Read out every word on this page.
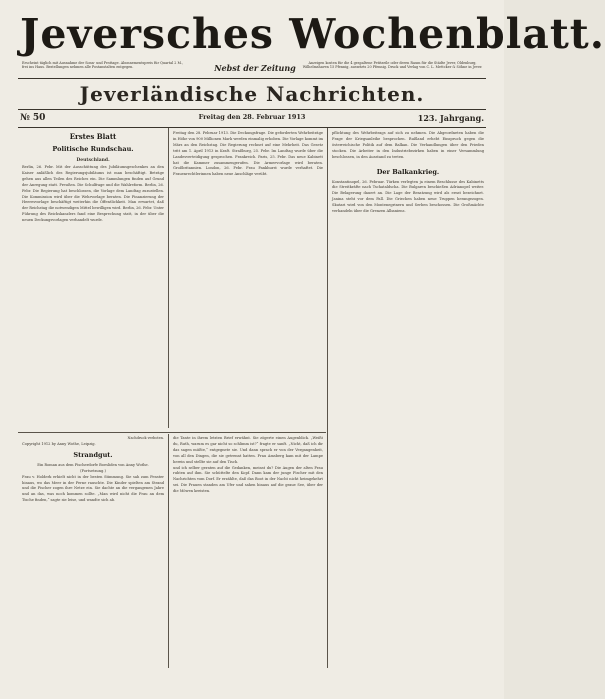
Jeversches Wochenblatt.
Erscheint täglich mit Ausnahme der Sonn- und Festtage. Abonnementspreis für Quartal 2 M., frei ins Haus. Bestellungen nehmen alle Postanstalten entgegen.	Nebst der Zeitung	Anzeigen kosten für die 4 gespaltene Petitzeile oder deren Raum für die Städte Jever, Oldenburg, Wilhelmshaven 15 Pfennig, auswärts 20 Pfennig. Druck und Verlag von C. L. Mettcker & Söhne in Jever.
Jeverländische Nachrichten.
№ 50	Freitag den 28. Februar 1913	123. Jahrgang.

Erstes Blatt

Politische Rundschau.

Deutschland.

Berlin, 26. Febr. Mit der Ausschüttung des Jubiläumsgeschenkes an den Kaiser anläßlich des Regierungsjubiläums ist man beschäftigt. Beträge gehen aus allen Teilen des Reiches ein. Die Sammlungen finden auf Grund der Anregung statt. Preußen. Die Schulfrage und die Wahlreform. Berlin, 26. Febr. Die Regierung hat beschlossen, die Vorlage dem Landtag zuzustellen. Die Kommission wird über die Wehrvorlage beraten. Die Finanzierung der Heeresvorlage beschäftigt weiterhin die Öffentlichkeit. Man erwartet, daß der Reichstag die notwendigen Mittel bewilligen wird. Berlin, 26. Febr. Unter Führung des Reichskanzlers fand eine Besprechung statt, in der über die neuen Deckungsvorlagen verhandelt wurde.

Freitag den 28. Februar 1913. Die Deckungsfrage. Die geforderten Wehrbeiträge in Höhe von 900 Millionen Mark werden einmalig erhoben. Die Vorlage kommt im März an den Reichstag. Die Regierung rechnet auf eine Mehrheit. Das Gesetz tritt am 1. April 1913 in Kraft. Straßburg, 25. Febr. Im Landtag wurde über die Landesverteidigung gesprochen. Frankreich. Paris, 25. Febr. Das neue Kabinett hat die Kammer zusammengerufen. Die Armeevorlage wird beraten. Großbritannien. London, 26. Febr. Frau Pankhurst wurde verhaftet. Die Frauenrechtlerinnen haben neue Anschläge verübt.

pflichtung des Wehrbeitrags auf sich zu nehmen. Die Abgeordneten haben die Frage der Kriegsanleihe besprochen. Rußland erhebt Einspruch gegen die österreichische Politik auf dem Balkan. Die Verhandlungen über den Frieden stocken. Die Arbeiter in den Industriebezirken haben in einer Versammlung beschlossen, in den Ausstand zu treten.

Der Balkankrieg.

Konstantinopel, 26. Februar. Türken verlegten ja einem Beschlusse des Kabinetts die Streitkräfte nach Tschataldscha. Die Bulgaren beschießen Adrianopel weiter. Die Belagerung dauert an. Die Lage der Besatzung wird als ernst bezeichnet. Janina steht vor dem Fall. Die Griechen haben neue Truppen herangezogen. Skutari wird von den Montenegrinern und Serben beschossen. Die Großmächte verhandeln über die Grenzen Albaniens.

Nachdruck verboten.

Copyright 1912 by Anny Wothe, Leipzig.

Strandgut.

Ein Roman aus dem Fischerdorfe Boesliden von Anny Wothe.

(Fortsetzung.)

Frau v. Holderk erhielt nicht in der besten Stimmung. Sie sah zum Fenster hinaus, wo das Meer in der Ferne rauschte. Die Kinder spielten am Strand und die Fischer zogen ihre Netze ein. Sie dachte an die vergangenen Jahre und an das, was noch kommen sollte. „Man wird nicht die Frau an dem Tische finden,“ sagte sie leise, und wandte sich ab.

die Tante in ihrem letzten Brief erwähnt. Sie zögerte einen Augenblick. „Weißt du, Ruth, warum es gar nicht so schlimm ist?“ fragte er sanft. „Nicht, daß ich dir das sagen müßte,“ entgegnete sie. Und dann sprach er von der Vergangenheit, von all den Dingen, die sie getrennt hatten. Frau Amsberg kam mit der Lampe herein und stellte sie auf den Tisch.

und ich selber geraten auf die Gedanken, meinst du? Die Augen der alten Frau ruhten auf ihm. Sie schüttelte den Kopf. Dann kam der junge Fischer mit den Nachrichten vom Dorf. Er erzählte, daß das Boot in der Nacht nicht heimgekehrt sei. Die Frauen standen am Ufer und sahen hinaus auf die graue See, über der die Möwen kreisten.
